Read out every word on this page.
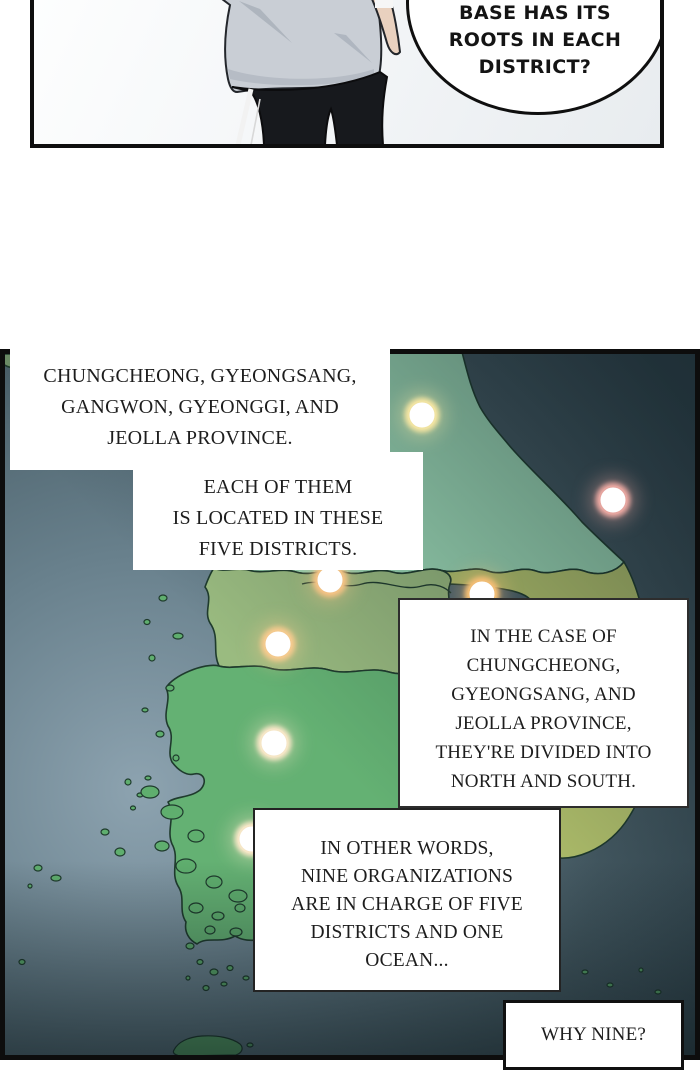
BASE HAS ITS
ROOTS IN EACH
DISTRICT?
CHUNGCHEONG, GYEONGSANG,
GANGWON, GYEONGGI, AND
JEOLLA PROVINCE.
EACH OF THEM
IS LOCATED IN THESE
FIVE DISTRICTS.
IN THE CASE OF
CHUNGCHEONG,
GYEONGSANG, AND
JEOLLA PROVINCE,
THEY'RE DIVIDED INTO
NORTH AND SOUTH.
IN OTHER WORDS,
NINE ORGANIZATIONS
ARE IN CHARGE OF FIVE
DISTRICTS AND ONE
OCEAN...
WHY NINE?
